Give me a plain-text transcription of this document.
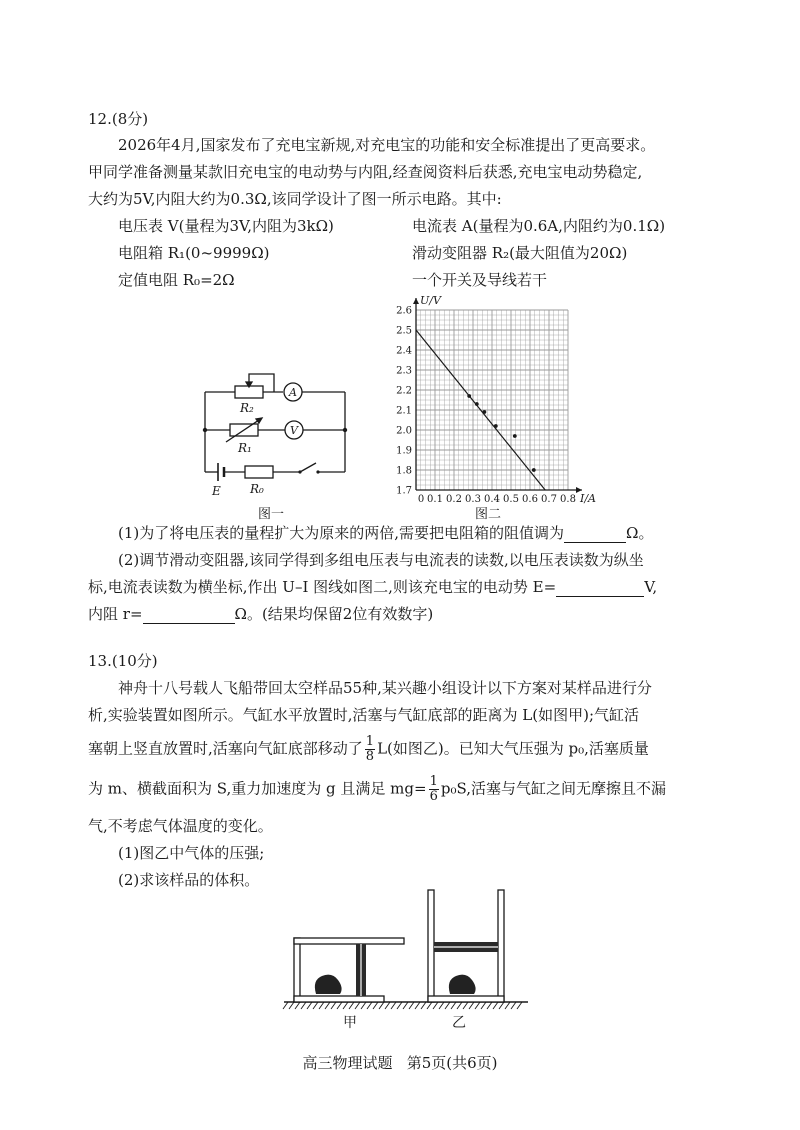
12.(8分)
2026年4月,国家发布了充电宝新规,对充电宝的功能和安全标准提出了更高要求。
甲同学准备测量某款旧充电宝的电动势与内阻,经查阅资料后获悉,充电宝电动势稳定,
大约为5V,内阻大约为0.3Ω,该同学设计了图一所示电路。其中:
电压表 V(量程为3V,内阻为3kΩ)	电流表 A(量程为0.6A,内阻约为0.1Ω)
电阻箱 R₁(0~9999Ω)	滑动变阻器 R₂(最大阻值为20Ω)
定值电阻 R₀=2Ω	一个开关及导线若干
A
V
R₂
R₁
R₀
E
图一
0.1 0.2 0.3 0.4 0.5 0.6 0.7 0.8
0
1.7
1.8
1.9
2.0
2.1
2.2
2.3
2.4
2.5
2.6
U/V
I/A
图二
(1)为了将电压表的量程扩大为原来的两倍,需要把电阻箱的阻值调为	Ω。
(2)调节滑动变阻器,该同学得到多组电压表与电流表的读数,以电压表读数为纵坐
标,电流表读数为横坐标,作出 U–I 图线如图二,则该充电宝的电动势 E=	V,
内阻 r=	Ω。(结果均保留2位有效数字)
13.(10分)
神舟十八号载人飞船带回太空样品55种,某兴趣小组设计以下方案对某样品进行分
析,实验装置如图所示。气缸水平放置时,活塞与气缸底部的距离为 L(如图甲);气缸活
塞朝上竖直放置时,活塞向气缸底部移动了 $\frac{1}{8} L$(如图乙)。已知大气压强为 p₀,活塞质量
为 m、横截面积为 S,重力加速度为 g 且满足 $mg= \frac{1}{6} p_0S$,活塞与气缸之间无摩擦且不漏
气,不考虑气体温度的变化。
(1)图乙中气体的压强;
(2)求该样品的体积。
甲	乙
高三物理试题   第5页(共6页)
